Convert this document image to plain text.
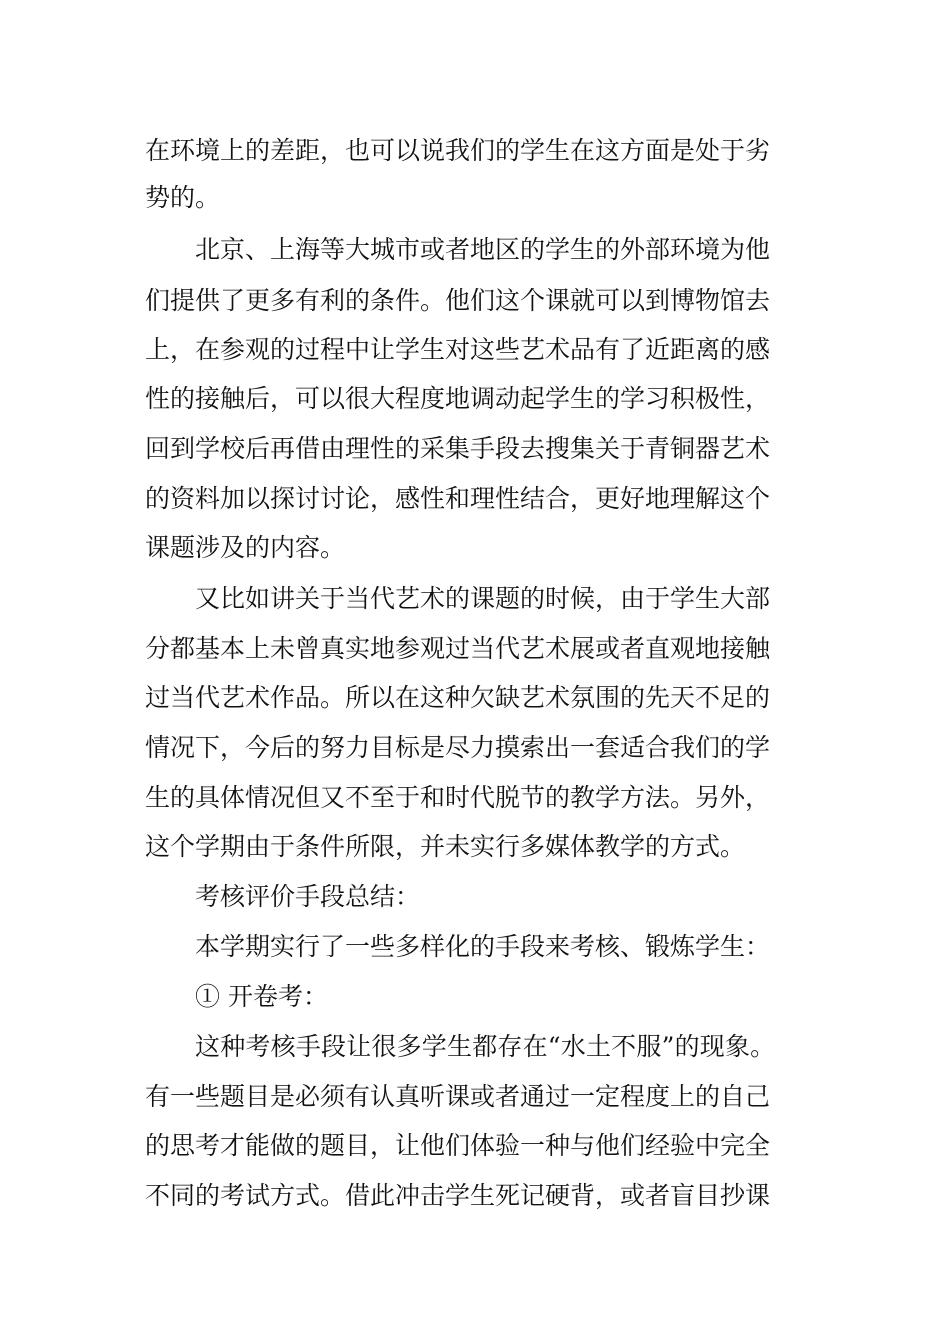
在环境上的差距，也可以说我们的学生在这方面是处于劣
势的。
北京、上海等大城市或者地区的学生的外部环境为他
们提供了更多有利的条件。他们这个课就可以到博物馆去
上，在参观的过程中让学生对这些艺术品有了近距离的感
性的接触后，可以很大程度地调动起学生的学习积极性，
回到学校后再借由理性的采集手段去搜集关于青铜器艺术
的资料加以探讨讨论，感性和理性结合，更好地理解这个
课题涉及的内容。
又比如讲关于当代艺术的课题的时候，由于学生大部
分都基本上未曾真实地参观过当代艺术展或者直观地接触
过当代艺术作品。所以在这种欠缺艺术氛围的先天不足的
情况下，今后的努力目标是尽力摸索出一套适合我们的学
生的具体情况但又不至于和时代脱节的教学方法。另外，
这个学期由于条件所限，并未实行多媒体教学的方式。
考核评价手段总结：
本学期实行了一些多样化的手段来考核、锻炼学生：
① 开卷考：
这种考核手段让很多学生都存在“水土不服”的现象。
有一些题目是必须有认真听课或者通过一定程度上的自己
的思考才能做的题目，让他们体验一种与他们经验中完全
不同的考试方式。借此冲击学生死记硬背，或者盲目抄课
